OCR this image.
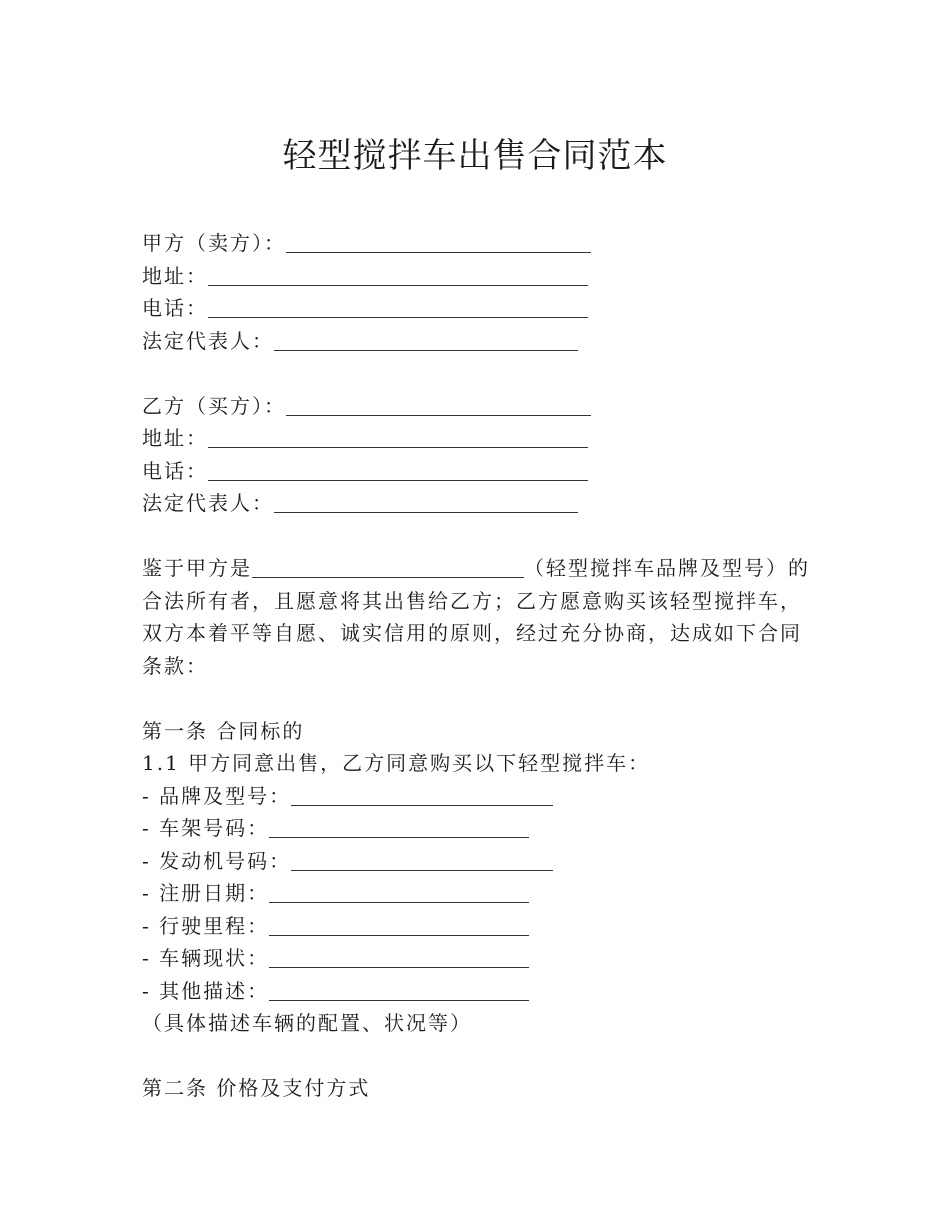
轻型搅拌车出售合同范本
甲方（卖方）：
地址：
电话：
法定代表人：
乙方（买方）：
地址：
电话：
法定代表人：
鉴于甲方是	（轻型搅拌车品牌及型号）的合法所有者，且愿意将其出售给乙方；乙方愿意购买该轻型搅拌车，双方本着平等自愿、诚实信用的原则，经过充分协商，达成如下合同条款：
第一条 合同标的
1.1 甲方同意出售，乙方同意购买以下轻型搅拌车：
- 品牌及型号：
- 车架号码：
- 发动机号码：
- 注册日期：
- 行驶里程：
- 车辆现状：
- 其他描述：
（具体描述车辆的配置、状况等）
第二条 价格及支付方式
